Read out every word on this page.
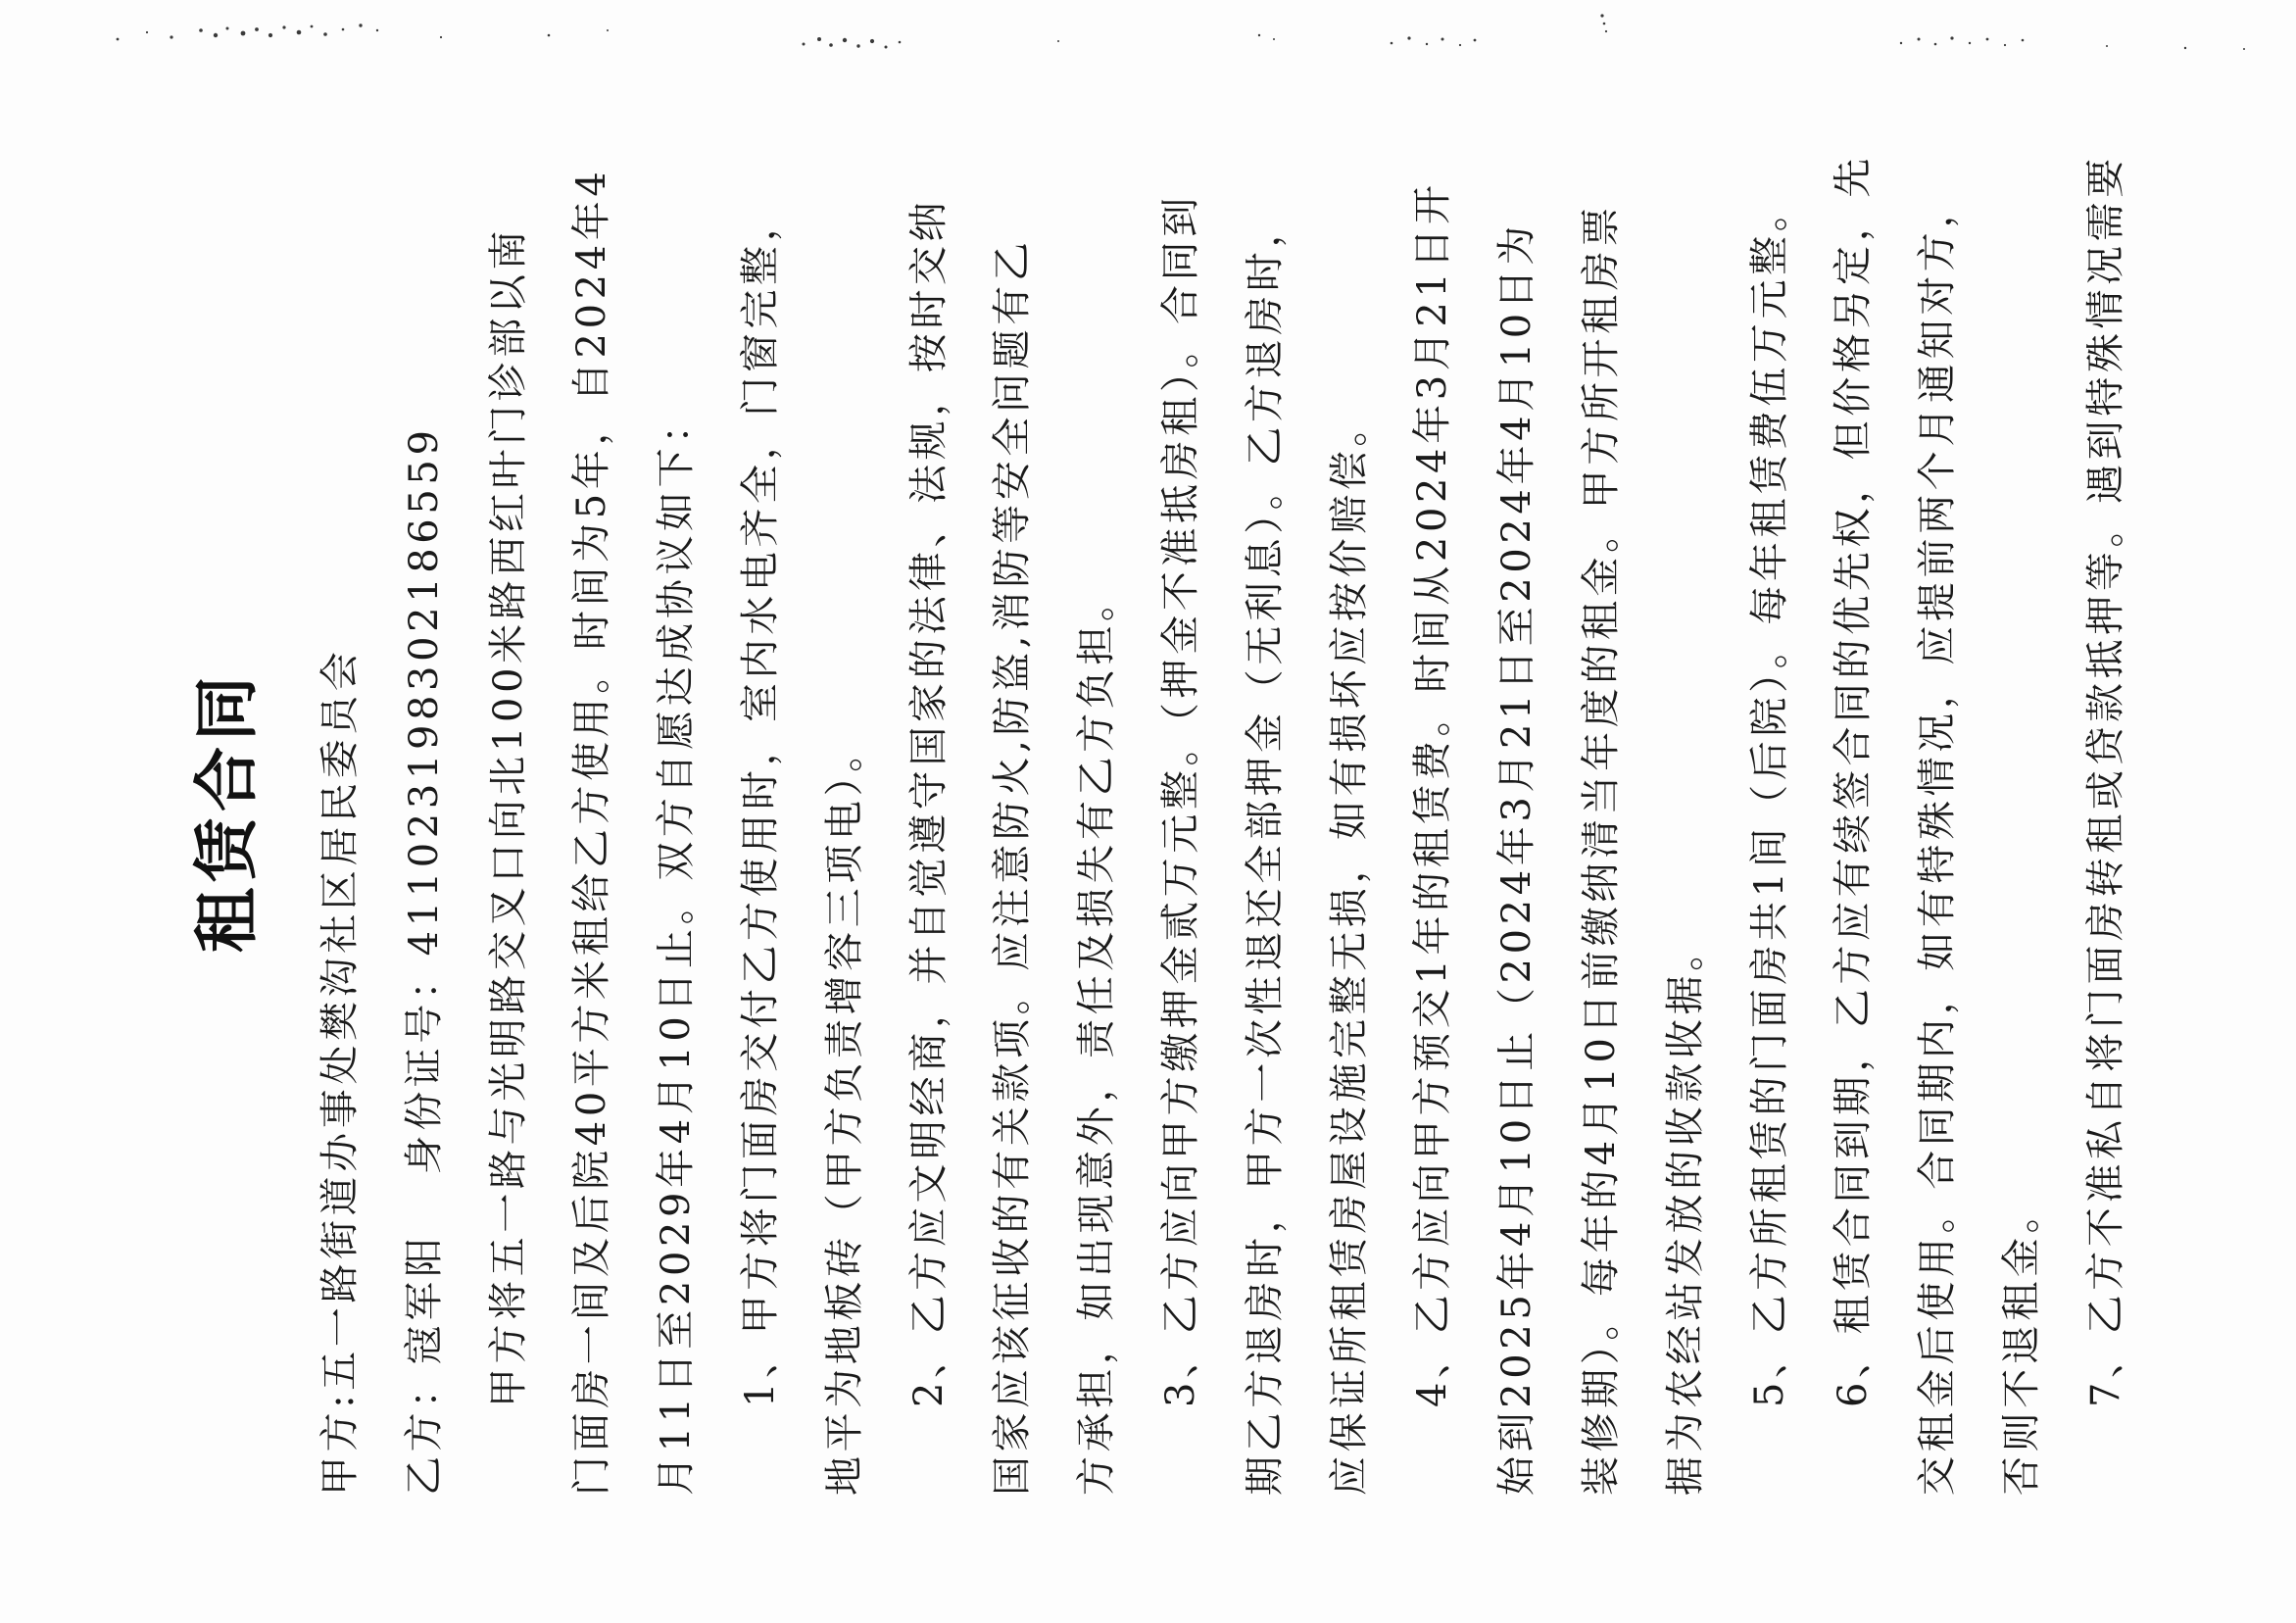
租赁合同	甲方:五一路街道办事处樊沟社区居民委员会 乙方：寇军阳身份证号：411023198302186559 甲方将五一路与光明路交叉口向北100米路西红叶门诊部以南 门面房一间及后院40平方米租给乙方使用。时间为5年，自2024年4 月11日至2029年4月10日止。双方自愿达成协议如下： 1、甲方将门面房交付乙方使用时，室内水电齐全，门窗完整， 地平为地板砖（甲方负责增容三项电）。 2、乙方应文明经商，并自觉遵守国家的法律、法规，按时交纳 国家应该征收的有关款项。应注意防火,防盗,消防等安全问题有乙 方承担，如出现意外，责任及损失有乙方负担。 3、乙方应向甲方缴押金贰万元整。（押金不准抵房租）。合同到 期乙方退房时，甲方一次性退还全部押金（无利息）。乙方退房时， 应保证所租赁房屋设施完整无损，如有损坏应按价赔偿。 4、乙方应向甲方预交1年的租赁费。时间从2024年3月21日开 始到2025年4月10日止（2024年3月21日至2024年4月10日为 装修期）。每年的4月10日前缴纳清当年度的租金。甲方所开租房票 据为农经站发放的收款收据。 5、乙方所租赁的门面房共1间（后院）。每年租赁费伍万元整。 6、租赁合同到期，乙方应有续签合同的优先权，但价格另定，先 交租金后使用。合同期内，如有特殊情况，应提前两个月通知对方， 否则不退租金。 7、乙方不准私自将门面房转租或贷款抵押等。遇到特殊情况需要
